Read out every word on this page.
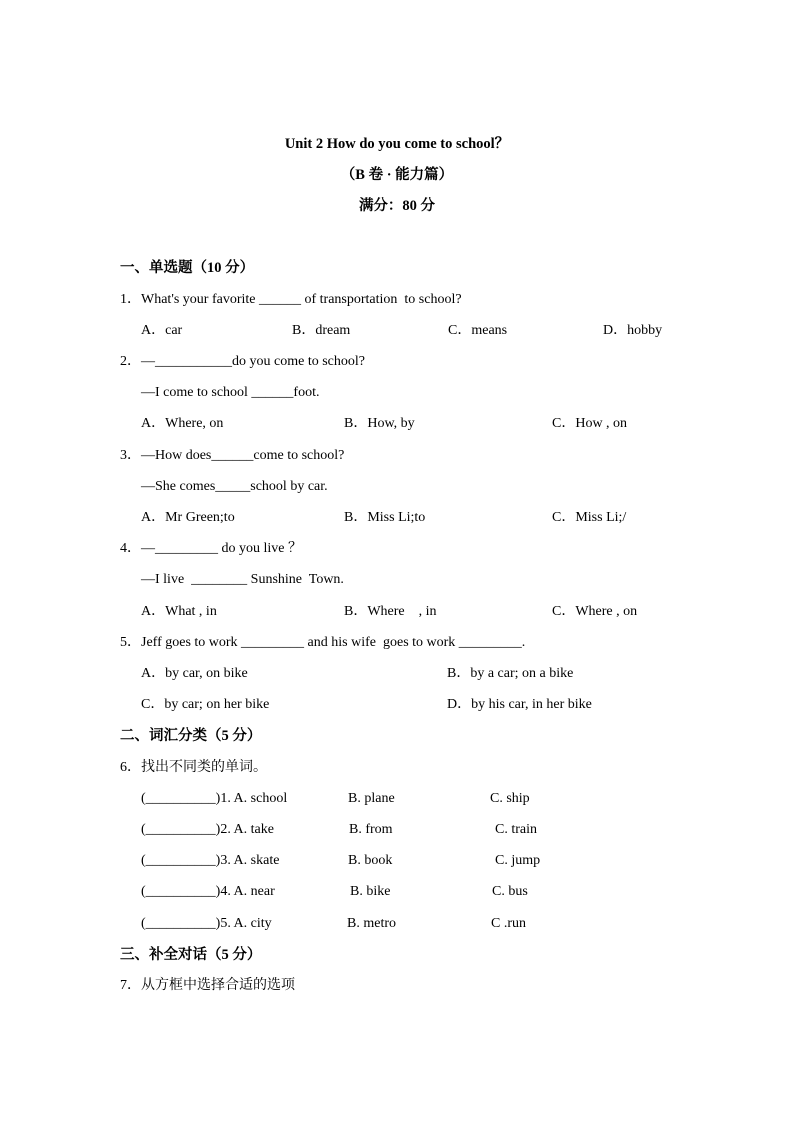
Unit 2 How do you come to school？
（B 卷 · 能力篇）
满分：80 分
一、单选题（10 分）
1．What's your favorite ______ of transportation  to school?
A．car	B．dream	C．means	D．hobby
2．—___________do you come to school?
—I come to school ______foot.
A．Where, on	B．How, by	C．How , on
3．—How does______come to school?
—She comes_____school by car.
A．Mr Green;to	B．Miss Li;to	C．Miss Li;/
4．—_________ do you live ？
—I live  ________ Sunshine  Town.
A．What , in	B．Where    , in	C．Where , on
5．Jeff goes to work _________ and his wife  goes to work _________.
A．by car, on bike	B．by a car; on a bike
C．by car; on her bike	D．by his car, in her bike
二、词汇分类（5 分）
6．找出不同类的单词。
(__________)1. A. school	B. plane	C. ship
(__________)2. A. take	B. from	C. train
(__________)3. A. skate	B. book	C. jump
(__________)4. A. near	B. bike	C. bus
(__________)5. A. city	B. metro	C .run
三、补全对话（5 分）
7．从方框中选择合适的选项
